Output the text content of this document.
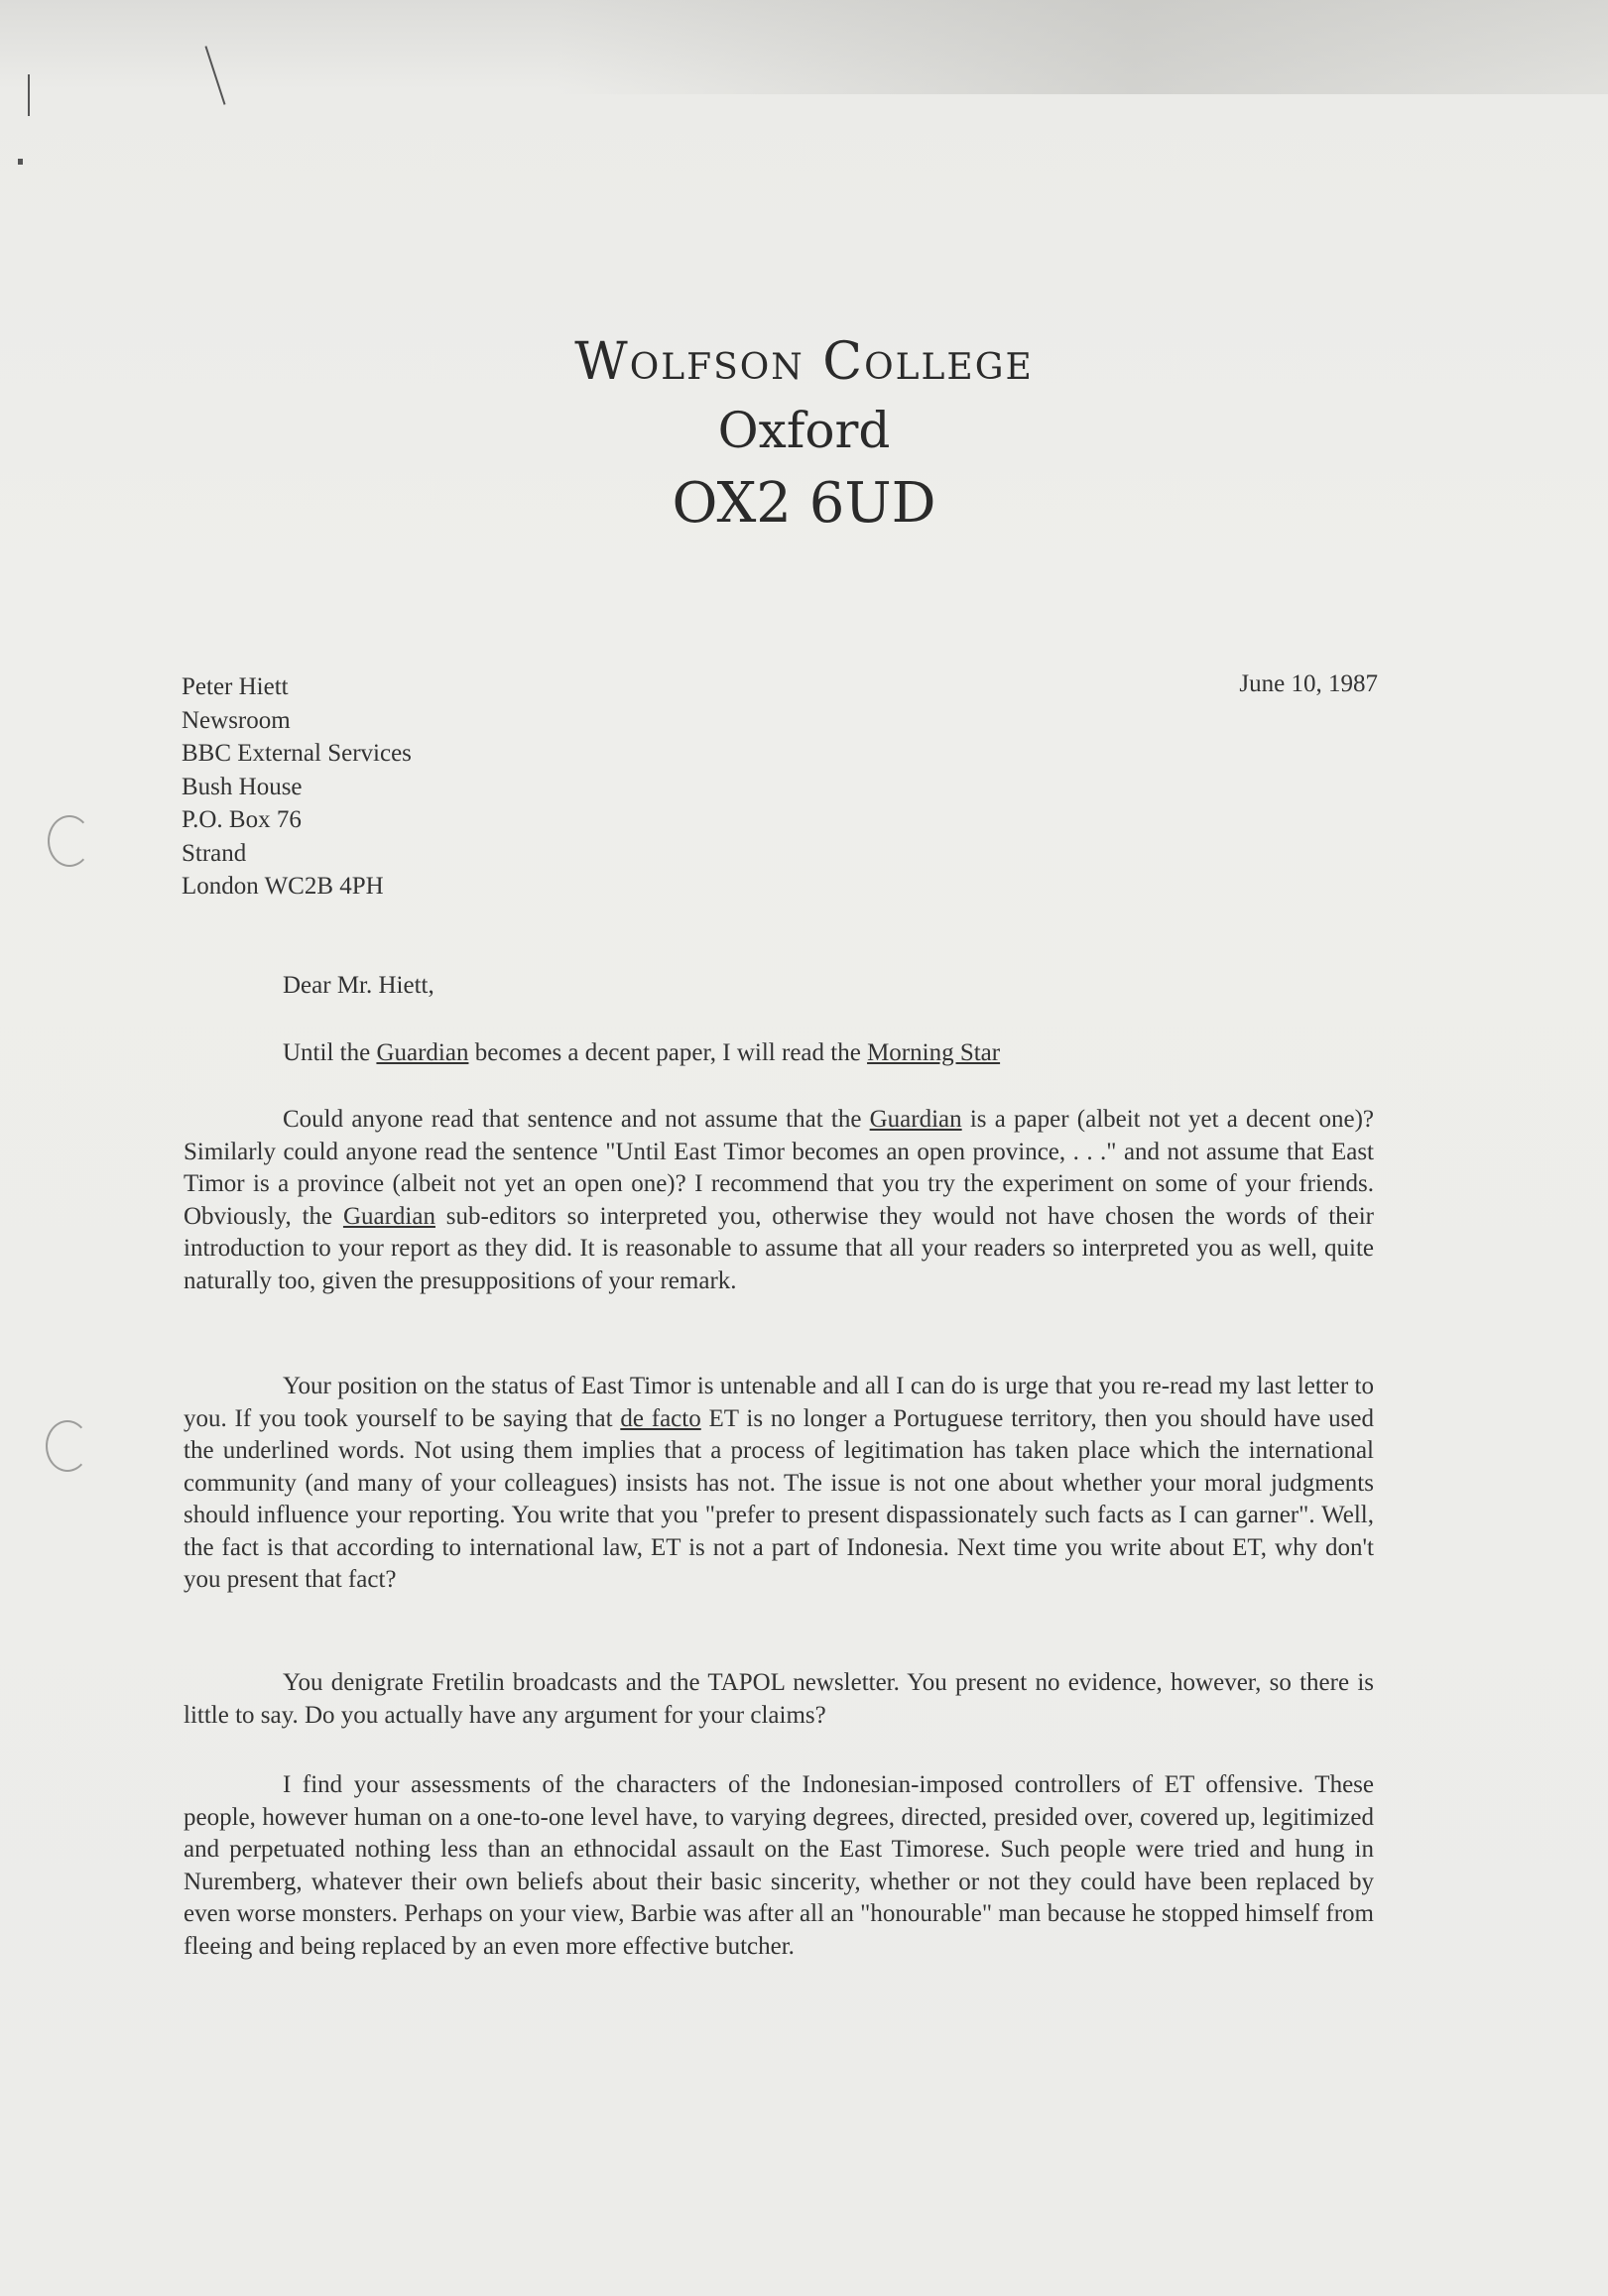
Wolfson College
Oxford
OX2 6UD
Peter Hiett
Newsroom
BBC External Services
Bush House
P.O. Box 76
Strand
London WC2B 4PH
June 10, 1987
Dear Mr. Hiett,
Until the Guardian becomes a decent paper, I will read the Morning Star
Could anyone read that sentence and not assume that the Guardian is a paper (albeit not yet a decent one)? Similarly could anyone read the sentence "Until East Timor becomes an open province, . . ." and not assume that East Timor is a province (albeit not yet an open one)? I recommend that you try the experiment on some of your friends. Obviously, the Guardian sub-editors so interpreted you, otherwise they would not have chosen the words of their introduction to your report as they did. It is reasonable to assume that all your readers so interpreted you as well, quite naturally too, given the presuppositions of your remark.
Your position on the status of East Timor is untenable and all I can do is urge that you re-read my last letter to you. If you took yourself to be saying that de facto ET is no longer a Portuguese territory, then you should have used the underlined words. Not using them implies that a process of legitimation has taken place which the international community (and many of your colleagues) insists has not. The issue is not one about whether your moral judgments should influence your reporting. You write that you "prefer to present dispassionately such facts as I can garner". Well, the fact is that according to international law, ET is not a part of Indonesia. Next time you write about ET, why don't you present that fact?
You denigrate Fretilin broadcasts and the TAPOL newsletter. You present no evidence, however, so there is little to say. Do you actually have any argument for your claims?
I find your assessments of the characters of the Indonesian-imposed controllers of ET offensive. These people, however human on a one-to-one level have, to varying degrees, directed, presided over, covered up, legitimized and perpetuated nothing less than an ethnocidal assault on the East Timorese. Such people were tried and hung in Nuremberg, whatever their own beliefs about their basic sincerity, whether or not they could have been replaced by even worse monsters. Perhaps on your view, Barbie was after all an "honourable" man because he stopped himself from fleeing and being replaced by an even more effective butcher.
